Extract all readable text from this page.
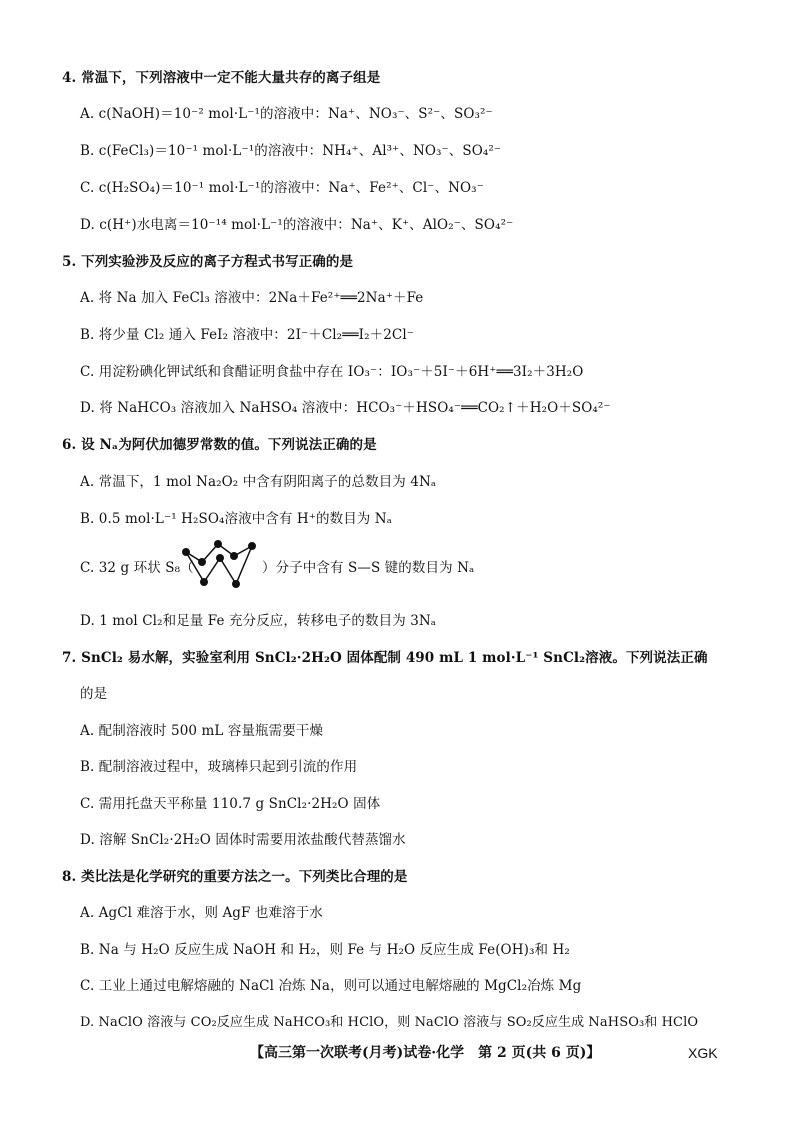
4. 常温下，下列溶液中一定不能大量共存的离子组是
A. c(NaOH)＝10⁻² mol·L⁻¹的溶液中：Na⁺、NO₃⁻、S²⁻、SO₃²⁻
B. c(FeCl₃)＝10⁻¹ mol·L⁻¹的溶液中：NH₄⁺、Al³⁺、NO₃⁻、SO₄²⁻
C. c(H₂SO₄)＝10⁻¹ mol·L⁻¹的溶液中：Na⁺、Fe²⁺、Cl⁻、NO₃⁻
D. c(H⁺)水电离＝10⁻¹⁴ mol·L⁻¹的溶液中：Na⁺、K⁺、AlO₂⁻、SO₄²⁻
5. 下列实验涉及反应的离子方程式书写正确的是
A. 将 Na 加入 FeCl₃ 溶液中：2Na＋Fe²⁺══2Na⁺＋Fe
B. 将少量 Cl₂ 通入 FeI₂ 溶液中：2I⁻＋Cl₂══I₂＋2Cl⁻
C. 用淀粉碘化钾试纸和食醋证明食盐中存在 IO₃⁻：IO₃⁻＋5I⁻＋6H⁺══3I₂＋3H₂O
D. 将 NaHCO₃ 溶液加入 NaHSO₄ 溶液中：HCO₃⁻＋HSO₄⁻══CO₂↑＋H₂O＋SO₄²⁻
6. 设 Nₐ为阿伏加德罗常数的值。下列说法正确的是
A. 常温下，1 mol Na₂O₂ 中含有阴阳离子的总数目为 4Nₐ
B. 0.5 mol·L⁻¹ H₂SO₄溶液中含有 H⁺的数目为 Nₐ
C. 32 g 环状 S₈（	）分子中含有 S—S 键的数目为 Nₐ
D. 1 mol Cl₂和足量 Fe 充分反应，转移电子的数目为 3Nₐ
7. SnCl₂ 易水解，实验室利用 SnCl₂·2H₂O 固体配制 490 mL 1 mol·L⁻¹ SnCl₂溶液。下列说法正确
的是
A. 配制溶液时 500 mL 容量瓶需要干燥
B. 配制溶液过程中，玻璃棒只起到引流的作用
C. 需用托盘天平称量 110.7 g SnCl₂·2H₂O 固体
D. 溶解 SnCl₂·2H₂O 固体时需要用浓盐酸代替蒸馏水
8. 类比法是化学研究的重要方法之一。下列类比合理的是
A. AgCl 难溶于水，则 AgF 也难溶于水
B. Na 与 H₂O 反应生成 NaOH 和 H₂，则 Fe 与 H₂O 反应生成 Fe(OH)₃和 H₂
C. 工业上通过电解熔融的 NaCl 冶炼 Na，则可以通过电解熔融的 MgCl₂冶炼 Mg
D. NaClO 溶液与 CO₂反应生成 NaHCO₃和 HClO，则 NaClO 溶液与 SO₂反应生成 NaHSO₃和 HClO
【高三第一次联考(月考)试卷·化学　第 2 页(共 6 页)】	XGK
